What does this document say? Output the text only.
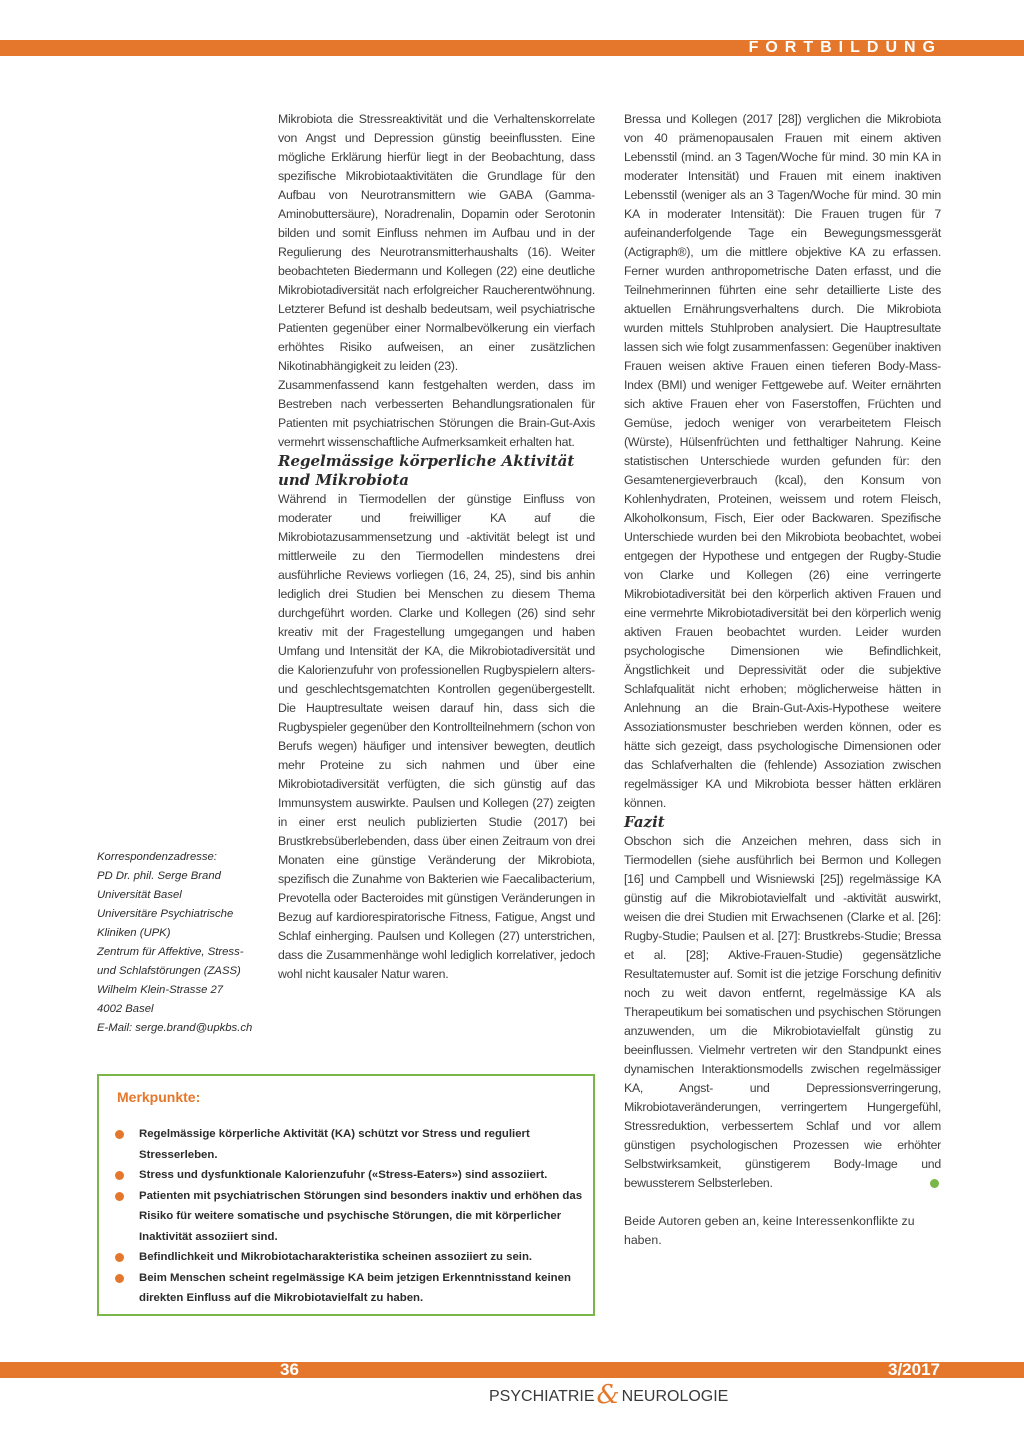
FORTBILDUNG

Mikrobiota die Stressreaktivität und die Verhaltenskorrelate von Angst und Depression günstig beeinflussten. Eine mögliche Erklärung hierfür liegt in der Beobachtung, dass spezifische Mikrobiotaaktivitäten die Grundlage für den Aufbau von Neurotransmittern wie GABA (Gamma-Aminobuttersäure), Noradrenalin, Dopamin oder Serotonin bilden und somit Einfluss nehmen im Aufbau und in der Regulierung des Neurotransmitterhaushalts (16). Weiter beobachteten Biedermann und Kollegen (22) eine deutliche Mikrobiotadiversität nach erfolgreicher Raucherentwöhnung. Letzterer Befund ist deshalb bedeutsam, weil psychiatrische Patienten gegenüber einer Normalbevölkerung ein vierfach erhöhtes Risiko aufweisen, an einer zusätzlichen Nikotinabhängigkeit zu leiden (23).

Zusammenfassend kann festgehalten werden, dass im Bestreben nach verbesserten Behandlungsrationalen für Patienten mit psychiatrischen Störungen die Brain-Gut-Axis vermehrt wissenschaftliche Aufmerksamkeit erhalten hat.

Regelmässige körperliche Aktivität und Mikrobiota

Während in Tiermodellen der günstige Einfluss von moderater und freiwilliger KA auf die Mikrobiotazusammensetzung und -aktivität belegt ist und mittlerweile zu den Tiermodellen mindestens drei ausführliche Reviews vorliegen (16, 24, 25), sind bis anhin lediglich drei Studien bei Menschen zu diesem Thema durchgeführt worden. Clarke und Kollegen (26) sind sehr kreativ mit der Fragestellung umgegangen und haben Umfang und Intensität der KA, die Mikrobiotadiversität und die Kalorienzufuhr von professionellen Rugbyspielern alters- und geschlechtsgematchten Kontrollen gegenübergestellt. Die Hauptresultate weisen darauf hin, dass sich die Rugbyspieler gegenüber den Kontrollteilnehmern (schon von Berufs wegen) häufiger und intensiver bewegten, deutlich mehr Proteine zu sich nahmen und über eine Mikrobiotadiversität verfügten, die sich günstig auf das Immunsystem auswirkte. Paulsen und Kollegen (27) zeigten in einer erst neulich publizierten Studie (2017) bei Brustkrebsüberlebenden, dass über einen Zeitraum von drei Monaten eine günstige Veränderung der Mikrobiota, spezifisch die Zunahme von Bakterien wie Faecalibacterium, Prevotella oder Bacteroides mit günstigen Veränderungen in Bezug auf kardiorespiratorische Fitness, Fatigue, Angst und Schlaf einherging. Paulsen und Kollegen (27) unterstrichen, dass die Zusammenhänge wohl lediglich korrelativer, jedoch wohl nicht kausaler Natur waren.

Bressa und Kollegen (2017 [28]) verglichen die Mikrobiota von 40 prämenopausalen Frauen mit einem aktiven Lebensstil (mind. an 3 Tagen/Woche für mind. 30 min KA in moderater Intensität) und Frauen mit einem inaktiven Lebensstil (weniger als an 3 Tagen/Woche für mind. 30 min KA in moderater Intensität): Die Frauen trugen für 7 aufeinanderfolgende Tage ein Bewegungsmessgerät (Actigraph®), um die mittlere objektive KA zu erfassen. Ferner wurden anthropometrische Daten erfasst, und die Teilnehmerinnen führten eine sehr detaillierte Liste des aktuellen Ernährungsverhaltens durch. Die Mikrobiota wurden mittels Stuhlproben analysiert. Die Hauptresultate lassen sich wie folgt zusammenfassen: Gegenüber inaktiven Frauen weisen aktive Frauen einen tieferen Body-Mass-Index (BMI) und weniger Fettgewebe auf. Weiter ernährten sich aktive Frauen eher von Faserstoffen, Früchten und Gemüse, jedoch weniger von verarbeitetem Fleisch (Würste), Hülsenfrüchten und fetthaltiger Nahrung. Keine statistischen Unterschiede wurden gefunden für: den Gesamtenergieverbrauch (kcal), den Konsum von Kohlenhydraten, Proteinen, weissem und rotem Fleisch, Alkoholkonsum, Fisch, Eier oder Backwaren. Spezifische Unterschiede wurden bei den Mikrobiota beobachtet, wobei entgegen der Hypothese und entgegen der Rugby-Studie von Clarke und Kollegen (26) eine verringerte Mikrobiotadiversität bei den körperlich aktiven Frauen und eine vermehrte Mikrobiotadiversität bei den körperlich wenig aktiven Frauen beobachtet wurden. Leider wurden psychologische Dimensionen wie Befindlichkeit, Ängstlichkeit und Depressivität oder die subjektive Schlafqualität nicht erhoben; möglicherweise hätten in Anlehnung an die Brain-Gut-Axis-Hypothese weitere Assoziationsmuster beschrieben werden können, oder es hätte sich gezeigt, dass psychologische Dimensionen oder das Schlafverhalten die (fehlende) Assoziation zwischen regelmässiger KA und Mikrobiota besser hätten erklären können.

Fazit

Obschon sich die Anzeichen mehren, dass sich in Tiermodellen (siehe ausführlich bei Bermon und Kollegen [16] und Campbell und Wisniewski [25]) regelmässige KA günstig auf die Mikrobiotavielfalt und -aktivität auswirkt, weisen die drei Studien mit Erwachsenen (Clarke et al. [26]: Rugby-Studie; Paulsen et al. [27]: Brustkrebs-Studie; Bressa et al. [28]; Aktive-Frauen-Studie) gegensätzliche Resultatemuster auf. Somit ist die jetzige Forschung definitiv noch zu weit davon entfernt, regelmässige KA als Therapeutikum bei somatischen und psychischen Störungen anzuwenden, um die Mikrobiotavielfalt günstig zu beeinflussen. Vielmehr vertreten wir den Standpunkt eines dynamischen Interaktionsmodells zwischen regelmässiger KA, Angst- und Depressionsverringerung, Mikrobiotaveränderungen, verringertem Hungergefühl, Stressreduktion, verbessertem Schlaf und vor allem günstigen psychologischen Prozessen wie erhöhter Selbstwirksamkeit, günstigerem Body-Image und bewussterem Selbsterleben.

Beide Autoren geben an, keine Interessenkonflikte zu haben.

Korrespondenzadresse:
PD Dr. phil. Serge Brand
Universität Basel
Universitäre Psychiatrische
Kliniken (UPK)
Zentrum für Affektive, Stress-
und Schlafstörungen (ZASS)
Wilhelm Klein-Strasse 27
4002 Basel
E-Mail: serge.brand@upkbs.ch
Merkpunkte:
Regelmässige körperliche Aktivität (KA) schützt vor Stress und reguliert Stresserleben.
Stress und dysfunktionale Kalorienzufuhr («Stress-Eaters») sind assoziiert.
Patienten mit psychiatrischen Störungen sind besonders inaktiv und erhöhen das Risiko für weitere somatische und psychische Störungen, die mit körperlicher Inaktivität assoziiert sind.
Befindlichkeit und Mikrobiotacharakteristika scheinen assoziiert zu sein.
Beim Menschen scheint regelmässige KA beim jetzigen Erkenntnisstand keinen direkten Einfluss auf die Mikrobiotavielfalt zu haben.
36	3/2017
PSYCHIATRIE& NEUROLOGIE
